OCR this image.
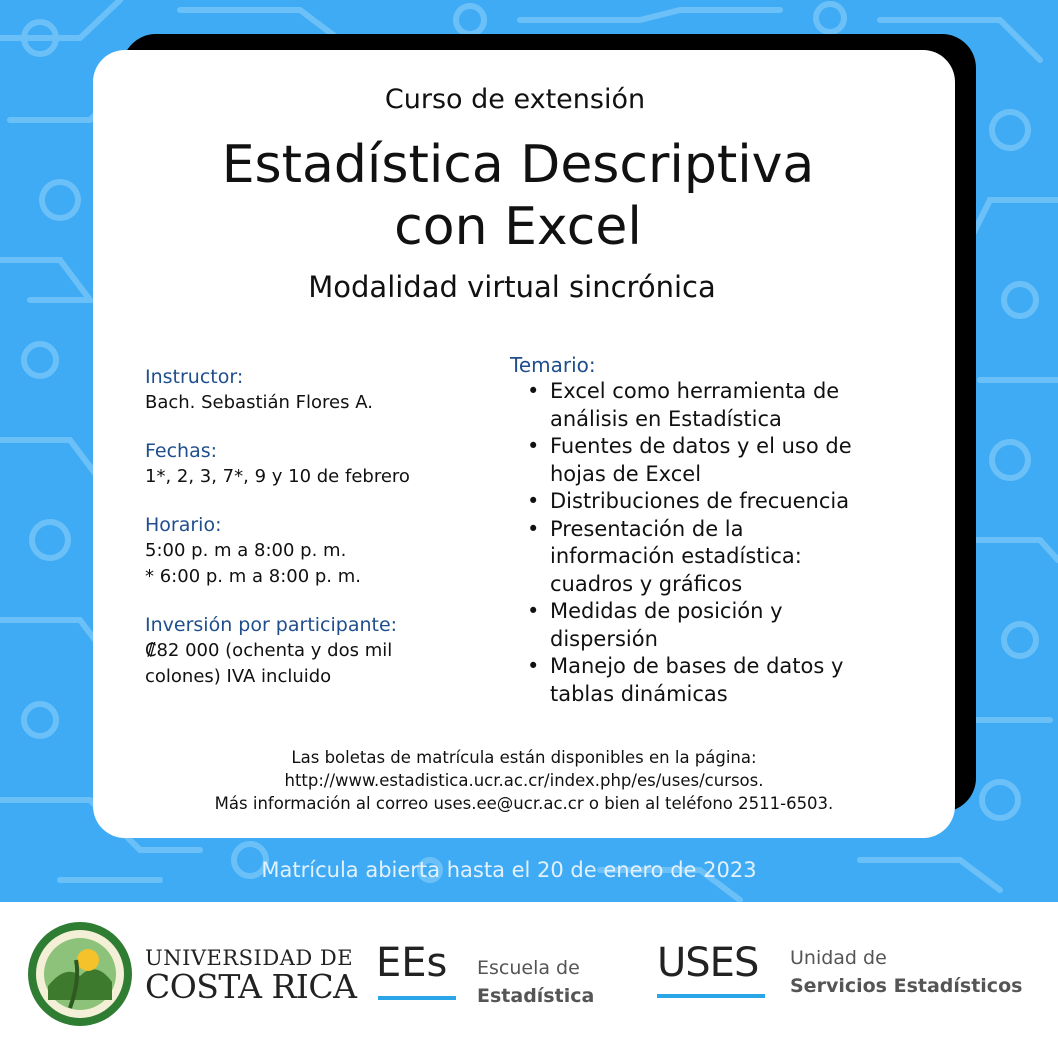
Curso de extensión
Estadística Descriptiva
con Excel
Modalidad virtual sincrónica
Instructor:
Bach. Sebastián Flores A.
Fechas:
1*, 2, 3, 7*, 9 y 10 de febrero
Horario:
5:00 p. m a 8:00 p. m.
* 6:00 p. m a 8:00 p. m.
Inversión por participante:
₡82 000 (ochenta y dos mil
colones) IVA incluido
Temario:
• Excel como herramienta de
análisis en Estadística
• Fuentes de datos y el uso de
hojas de Excel
• Distribuciones de frecuencia
• Presentación de la
información estadística:
cuadros y gráficos
• Medidas de posición y
dispersión
• Manejo de bases de datos y
tablas dinámicas
Las boletas de matrícula están disponibles en la página:
http://www.estadistica.ucr.ac.cr/index.php/es/uses/cursos.
Más información al correo uses.ee@ucr.ac.cr o bien al teléfono 2511-6503.
Matrícula abierta hasta el 20 de enero de 2023
UNIVERSIDAD DE
COSTA RICA
EEs Escuela de
Estadística
USES Unidad de
Servicios Estadísticos
